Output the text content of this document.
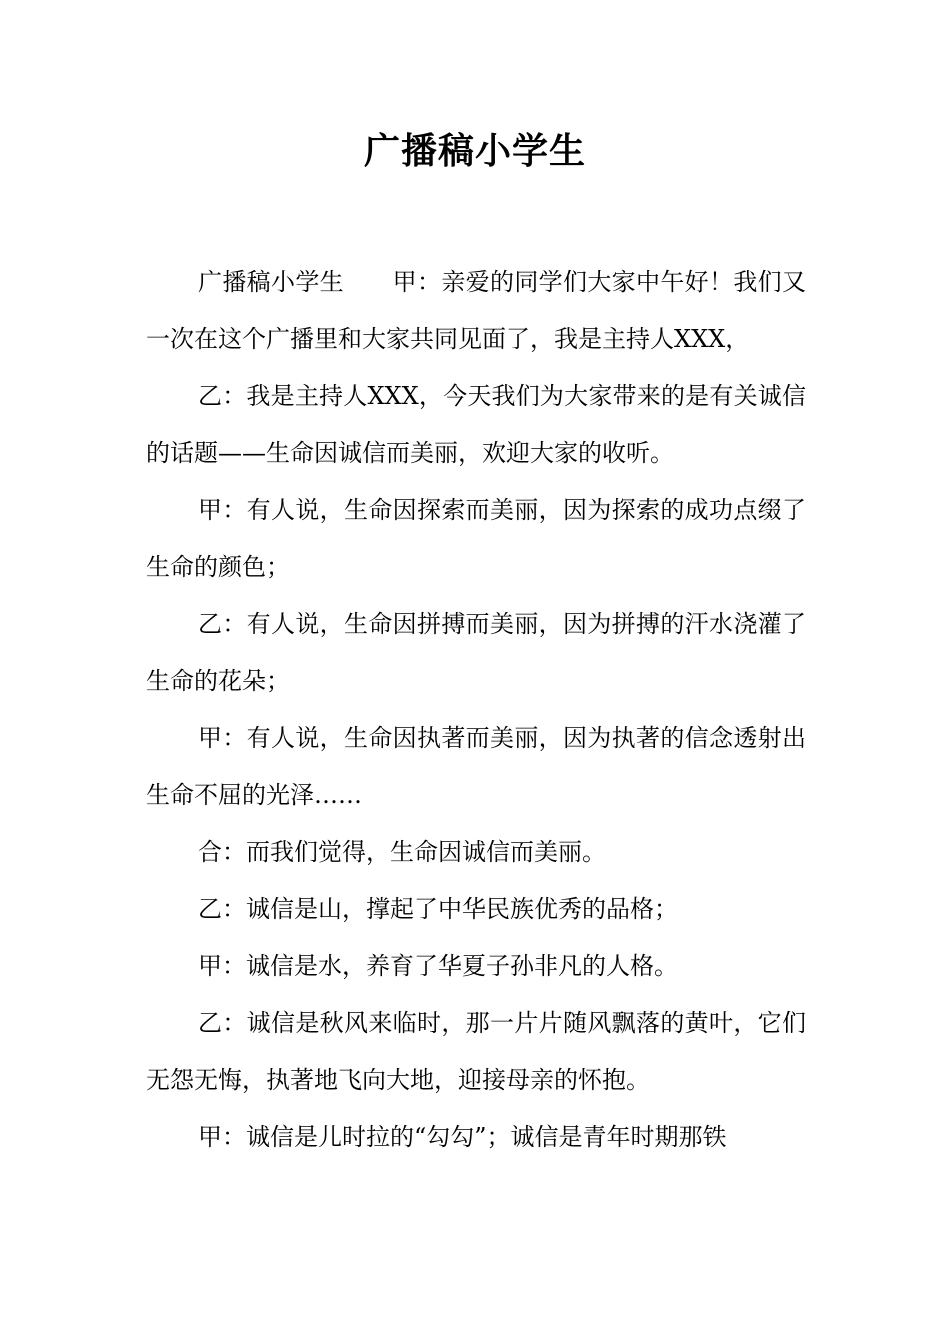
广播稿小学生

广播稿小学生　　甲：亲爱的同学们大家中午好！我们又一次在这个广播里和大家共同见面了，我是主持人XXX，

乙：我是主持人XXX，今天我们为大家带来的是有关诚信的话题——生命因诚信而美丽，欢迎大家的收听。

甲：有人说，生命因探索而美丽，因为探索的成功点缀了生命的颜色；

乙：有人说，生命因拼搏而美丽，因为拼搏的汗水浇灌了生命的花朵；

甲：有人说，生命因执著而美丽，因为执著的信念透射出生命不屈的光泽……

合：而我们觉得，生命因诚信而美丽。

乙：诚信是山，撑起了中华民族优秀的品格；

甲：诚信是水，养育了华夏子孙非凡的人格。

乙：诚信是秋风来临时，那一片片随风飘落的黄叶，它们无怨无悔，执著地飞向大地，迎接母亲的怀抱。

甲：诚信是儿时拉的“勾勾”；诚信是青年时期那铁
